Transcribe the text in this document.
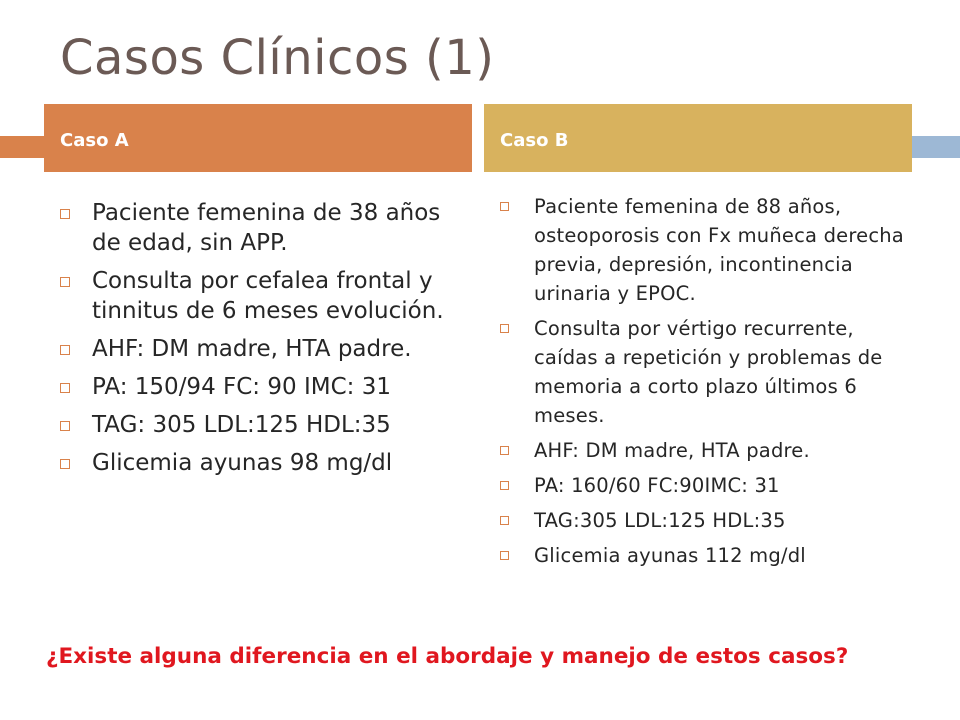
Casos Clínicos (1)
Caso A	Caso B
Paciente femenina de 38 años de edad, sin APP.
Consulta por cefalea frontal y tinnitus de 6 meses evolución.
AHF: DM madre, HTA padre.
PA: 150/94 FC: 90 IMC: 31
TAG: 305 LDL:125 HDL:35
Glicemia ayunas 98 mg/dl
Paciente femenina de 88 años, osteoporosis con Fx muñeca derecha previa, depresión, incontinencia urinaria y EPOC.
Consulta por vértigo recurrente, caídas a repetición y problemas de memoria a corto plazo últimos 6 meses.
AHF: DM madre, HTA padre.
PA: 160/60 FC:90IMC: 31
TAG:305 LDL:125 HDL:35
Glicemia ayunas 112 mg/dl

¿Existe alguna diferencia en el abordaje y manejo de estos casos?
